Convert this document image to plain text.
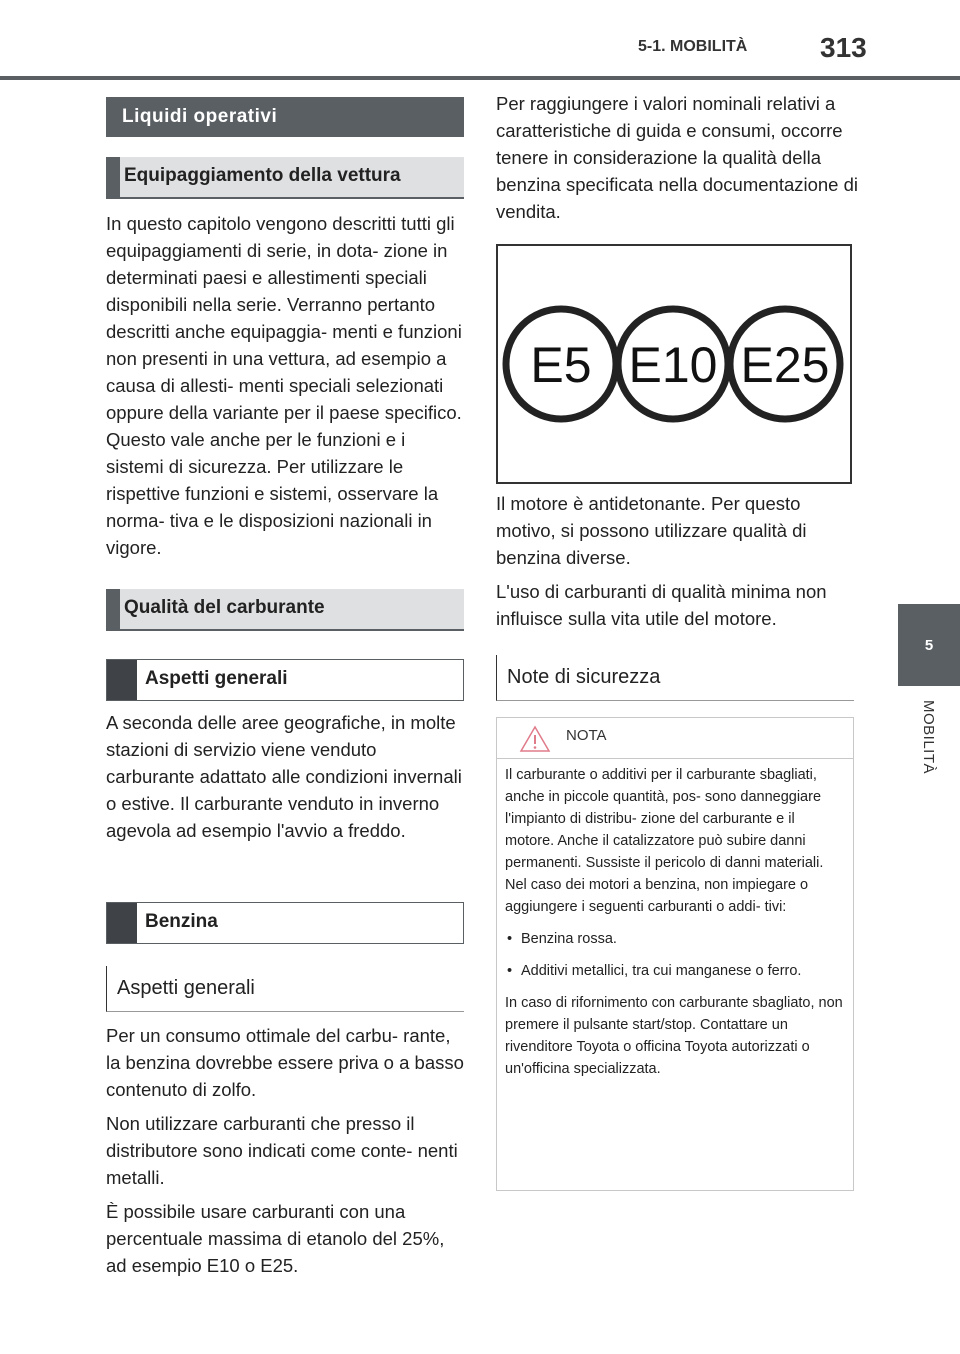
5-1. MOBILITÀ	313
5
MOBILITÀ
Liquidi operativi
Equipaggiamento della vettura

In questo capitolo vengono descritti tutti gli equipaggiamenti di serie, in dota- zione in determinati paesi e allestimenti speciali disponibili nella serie. Verranno pertanto descritti anche equipaggia- menti e funzioni non presenti in una vettura, ad esempio a causa di allesti- menti speciali selezionati oppure della variante per il paese specifico. Questo vale anche per le funzioni e i sistemi di sicurezza. Per utilizzare le rispettive funzioni e sistemi, osservare la norma- tiva e le disposizioni nazionali in vigore.

Qualità del carburante
Aspetti generali

A seconda delle aree geografiche, in molte stazioni di servizio viene venduto carburante adattato alle condizioni invernali o estive. Il carburante venduto in inverno agevola ad esempio l'avvio a freddo.

Benzina
Aspetti generali

Per un consumo ottimale del carbu- rante, la benzina dovrebbe essere priva o a basso contenuto di zolfo.

Non utilizzare carburanti che presso il distributore sono indicati come conte- nenti metalli.

È possibile usare carburanti con una percentuale massima di etanolo del 25%, ad esempio E10 o E25.

Per raggiungere i valori nominali relativi a caratteristiche di guida e consumi, occorre tenere in considerazione la qualità della benzina specificata nella documentazione di vendita.

E5 E10 E25

Il motore è antidetonante. Per questo motivo, si possono utilizzare qualità di benzina diverse.

L'uso di carburanti di qualità minima non influisce sulla vita utile del motore.

Note di sicurezza
NOTA

Il carburante o additivi per il carburante sbagliati, anche in piccole quantità, pos- sono danneggiare l'impianto di distribu- zione del carburante e il motore. Anche il catalizzatore può subire danni permanenti. Sussiste il pericolo di danni materiali. Nel caso dei motori a benzina, non impiegare o aggiungere i seguenti carburanti o addi- tivi:

• Benzina rossa.

• Additivi metallici, tra cui manganese o ferro.

In caso di rifornimento con carburante sbagliato, non premere il pulsante start/stop. Contattare un rivenditore Toyota o officina Toyota autorizzati o un'officina specializzata.
